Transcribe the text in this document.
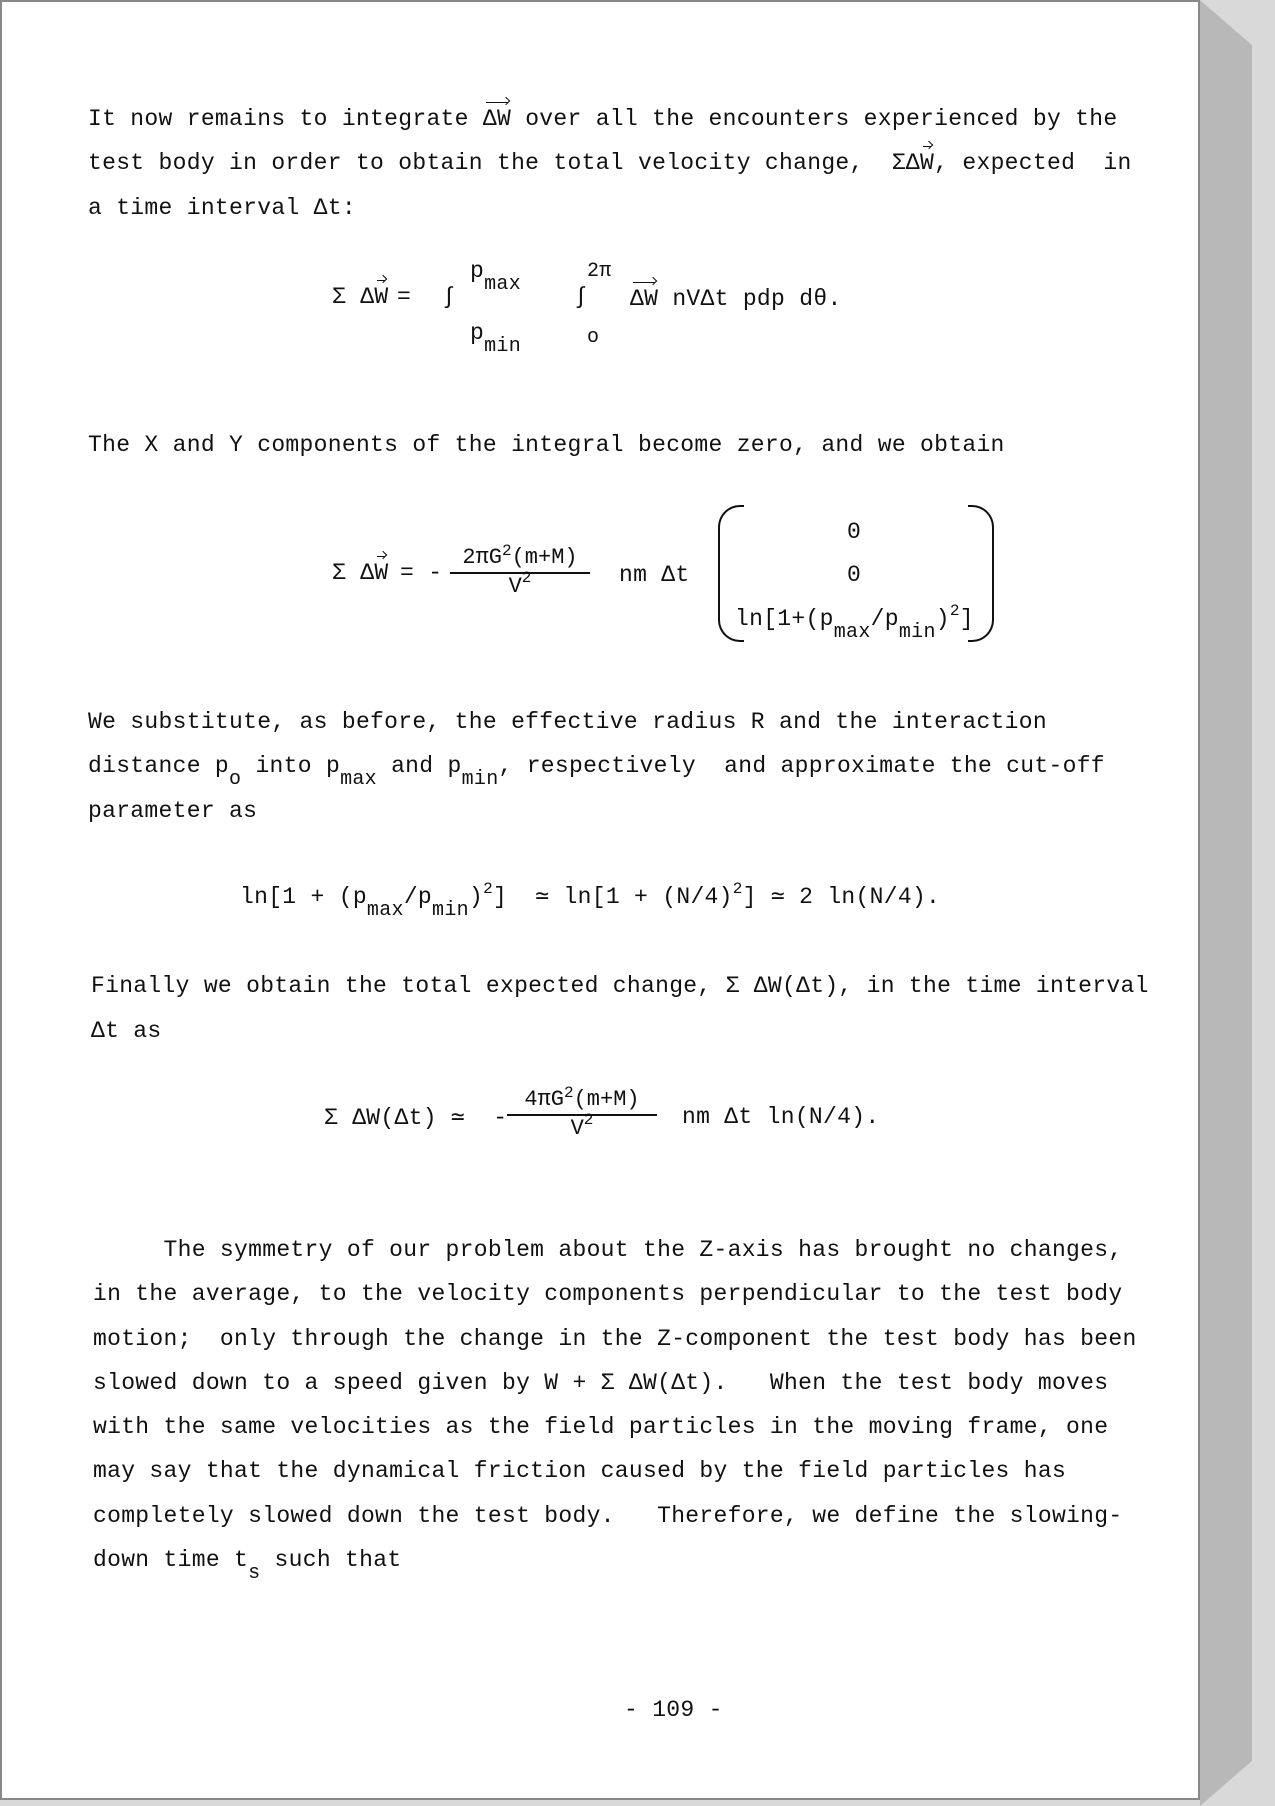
It now remains to integrate ΔW over all the encounters experienced by the
test body in order to obtain the total velocity change,  ΣΔW, expected  in
a time interval Δt:
Σ ΔW = ∫
pmax
pmin
∫
2π
o
ΔW nVΔt pdp dθ.
The X and Y components of the integral become zero, and we obtain
Σ ΔW = - $\frac{2\pi G^2(m+M)}{V^2}$ nm Δt
0
0
$\ln[1+(pmax/pmin)^2]$
We substitute, as before, the effective radius R and the interaction
distance po into pmax and pmin, respectively  and approximate the cut-off
parameter as
$\ln[1 + (pmax/pmin)^2]$  ≃ $\ln[1 + (N/4)^2]$ ≃ 2 ln(N/4).
Finally we obtain the total expected change, Σ ΔW(Δt), in the time interval
Δt as
Σ ΔW(Δt) ≃  - $\frac{4\pi G^2(m+M)}{V^2}$ nm Δt ln(N/4).
The symmetry of our problem about the Z-axis has brought no changes,
in the average, to the velocity components perpendicular to the test body
motion;  only through the change in the Z-component the test body has been
slowed down to a speed given by W + Σ ΔW(Δt).   When the test body moves
with the same velocities as the field particles in the moving frame, one
may say that the dynamical friction caused by the field particles has
completely slowed down the test body.   Therefore, we define the slowing-
down time ts such that
- 109 -
